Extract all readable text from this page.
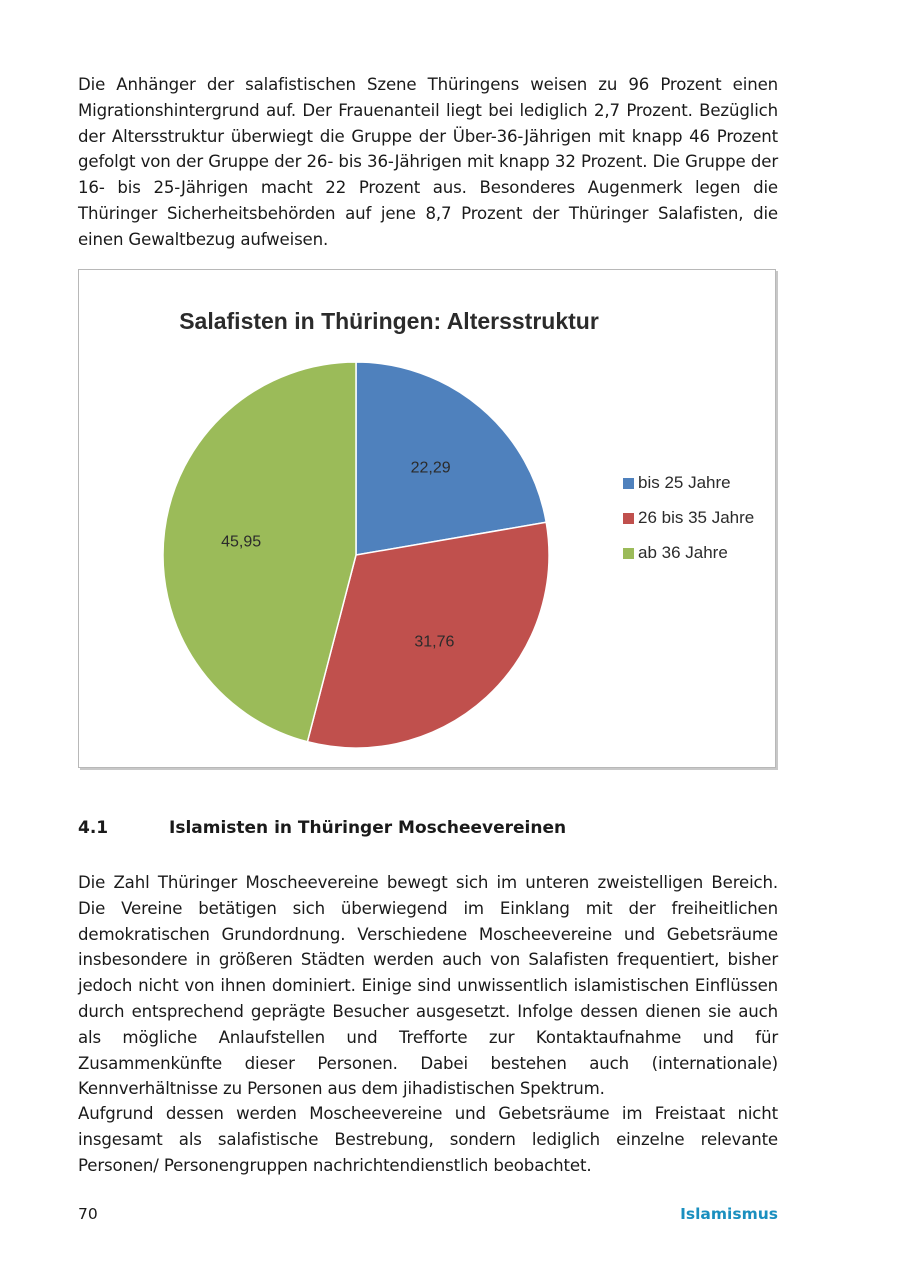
Die Anhänger der salafistischen Szene Thüringens weisen zu 96 Prozent einen Migrationshintergrund auf. Der Frauenanteil liegt bei lediglich 2,7 Prozent. Bezüglich der Altersstruktur überwiegt die Gruppe der Über-36-Jährigen mit knapp 46 Prozent gefolgt von der Gruppe der 26- bis 36-Jährigen mit knapp 32 Prozent. Die Gruppe der 16- bis 25-Jährigen macht 22 Prozent aus. Besonderes Augenmerk legen die Thüringer Sicherheitsbehörden auf jene 8,7 Prozent der Thüringer Salafisten, die einen Gewaltbezug aufweisen.

Salafisten in Thüringen: Altersstruktur

22,29
31,76
45,95
bis 25 Jahre
26 bis 35 Jahre
ab 36 Jahre

4.1	Islamisten in Thüringer Moscheevereinen

Die Zahl Thüringer Moscheevereine bewegt sich im unteren zweistelligen Bereich. Die Vereine betätigen sich überwiegend im Einklang mit der freiheitlichen demokratischen Grundordnung. Verschiedene Moscheevereine und Gebetsräume insbesondere in größeren Städten werden auch von Salafisten frequentiert, bisher jedoch nicht von ihnen dominiert. Einige sind unwissentlich islamistischen Einflüssen durch entsprechend geprägte Besucher ausgesetzt. Infolge dessen dienen sie auch als mögliche Anlaufstellen und Trefforte zur Kontaktaufnahme und für Zusammenkünfte dieser Personen. Dabei bestehen auch (internationale) Kennverhältnisse zu Personen aus dem jihadistischen Spektrum.

Aufgrund dessen werden Moscheevereine und Gebetsräume im Freistaat nicht insgesamt als salafistische Bestrebung, sondern lediglich einzelne relevante Personen/ Personengruppen nachrichtendienstlich beobachtet.

70	Islamismus
